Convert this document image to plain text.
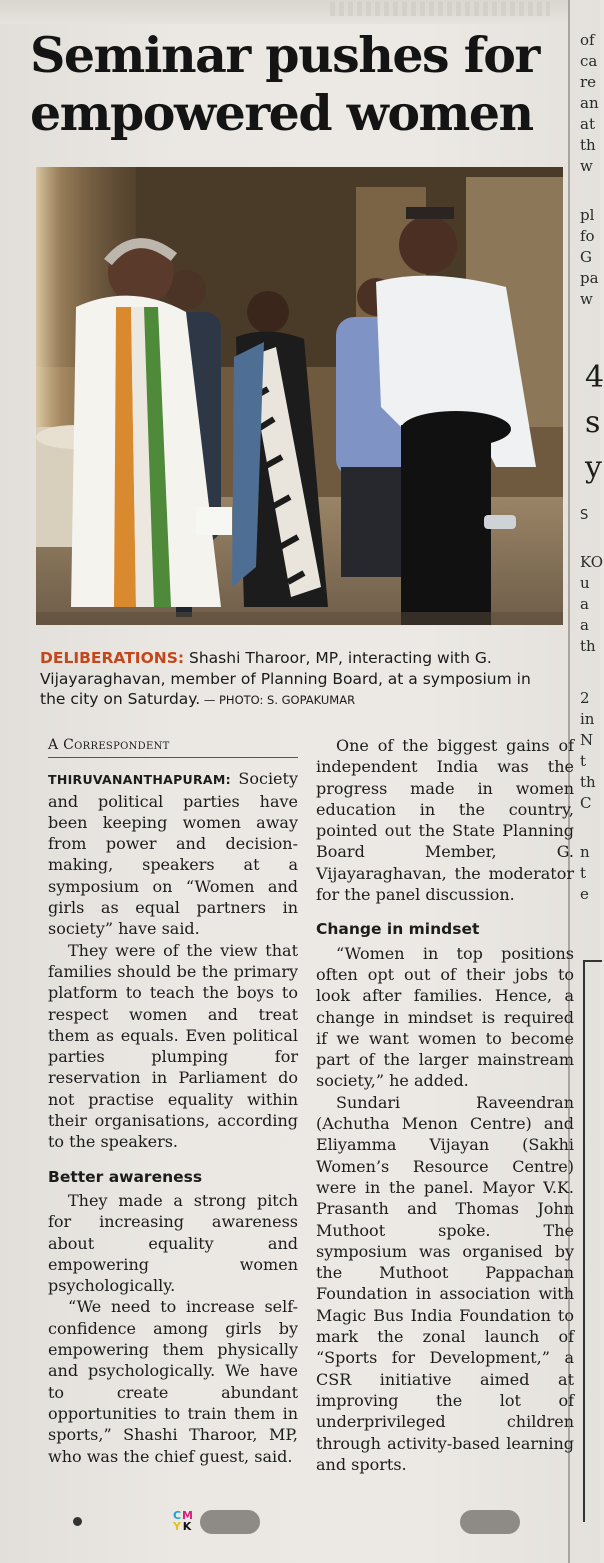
Seminar pushes for empowered women
DELIBERATIONS: Shashi Tharoor, MP, interacting with G. Vijayaraghavan, member of Planning Board, at a symposium in the city on Saturday. — PHOTO: S. GOPAKUMAR
A Correspondent

THIRUVANANTHAPURAM: Society and political parties have been keeping women away from power and decision-making, speakers at a symposium on “Women and girls as equal partners in society” have said.

They were of the view that families should be the primary platform to teach the boys to respect women and treat them as equals. Even political parties plumping for reservation in Parliament do not practise equality within their organisations, according to the speakers.

Better awareness

They made a strong pitch for increasing awareness about equality and empowering women psychologically.

“We need to increase self-confidence among girls by empowering them physically and psychologically. We have to create abundant opportunities to train them in sports,” Shashi Tharoor, MP, who was the chief guest, said.

One of the biggest gains of independent India was the progress made in women education in the country, pointed out the State Planning Board Member, G. Vijayaraghavan, the moderator for the panel discussion.

Change in mindset

“Women in top positions often opt out of their jobs to look after families. Hence, a change in mindset is required if we want women to become part of the larger mainstream society,” he added.

Sundari Raveendran (Achutha Menon Centre) and Eliyamma Vijayan (Sakhi Women’s Resource Centre) were in the panel. Mayor V.K. Prasanth and Thomas John Muthoot spoke. The symposium was organised by the Muthoot Pappachan Foundation in association with Magic Bus India Foundation to mark the zonal launch of “Sports for Development,” a CSR initiative aimed at improving the lot of underprivileged children through activity-based learning and sports.

of
ca
re
an
at
th
w
pl
fo
G
pa
w
S
KO
u
a
a
th
2
in
N
t
th
C
n
t
e
4
s
y
CM
Y K
